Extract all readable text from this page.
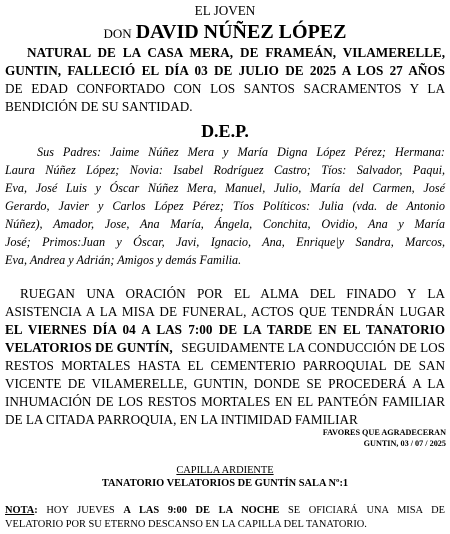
EL JOVEN
DON DAVID NÚÑEZ LÓPEZ
NATURAL DE LA CASA MERA, DE FRAMEÁN, VILAMERELLE,
GUNTIN, FALLECIÓ EL DÍA 03 DE JULIO DE 2025 A LOS 27 AÑOS
DE EDAD CONFORTADO CON LOS SANTOS SACRAMENTOS Y LA
BENDICIÓN DE SU SANTIDAD.
D.E.P.
Sus Padres: Jaime Núñez Mera y María Digna López Pérez; Hermana:
Laura Núñez López; Novia: Isabel Rodríguez Castro; Tíos: Salvador, Paqui,
Eva, José Luis y Óscar Núñez Mera, Manuel, Julio, María del Carmen, José
Gerardo, Javier y Carlos López Pérez; Tíos Políticos: Julia (vda. de Antonio
Núñez), Amador, Jose, Ana María, Ángela, Conchita, Ovidio, Ana y María
José; Primos:Juan y Óscar, Javi, Ignacio, Ana, Enrique|y Sandra, Marcos,
Eva, Andrea y Adrián; Amigos y demás Familia.
RUEGAN UNA ORACIÓN POR EL ALMA DEL FINADO Y LA
ASISTENCIA A LA MISA DE FUNERAL, ACTOS QUE TENDRÁN LUGAR
EL VIERNES DÍA 04 A LAS 7:00 DE LA TARDE EN EL TANATORIO
VELATORIOS DE GUNTÍN, SEGUIDAMENTE LA CONDUCCIÓN DE LOS
RESTOS MORTALES HASTA EL CEMENTERIO PARROQUIAL DE SAN
VICENTE DE VILAMERELLE, GUNTIN, DONDE SE PROCEDERÁ A LA
INHUMACIÓN DE LOS RESTOS MORTALES EN EL PANTEÓN FAMILIAR
DE LA CITADA PARROQUIA, EN LA INTIMIDAD FAMILIAR
FAVORES QUE AGRADECERAN
GUNTIN, 03 / 07 / 2025
CAPILLA ARDIENTE
TANATORIO VELATORIOS DE GUNTÍN SALA Nº:1
NOTA: HOY JUEVES A LAS 9:00 DE LA NOCHE SE OFICIARÁ UNA MISA DE
VELATORIO POR SU ETERNO DESCANSO EN LA CAPILLA DEL TANATORIO.
